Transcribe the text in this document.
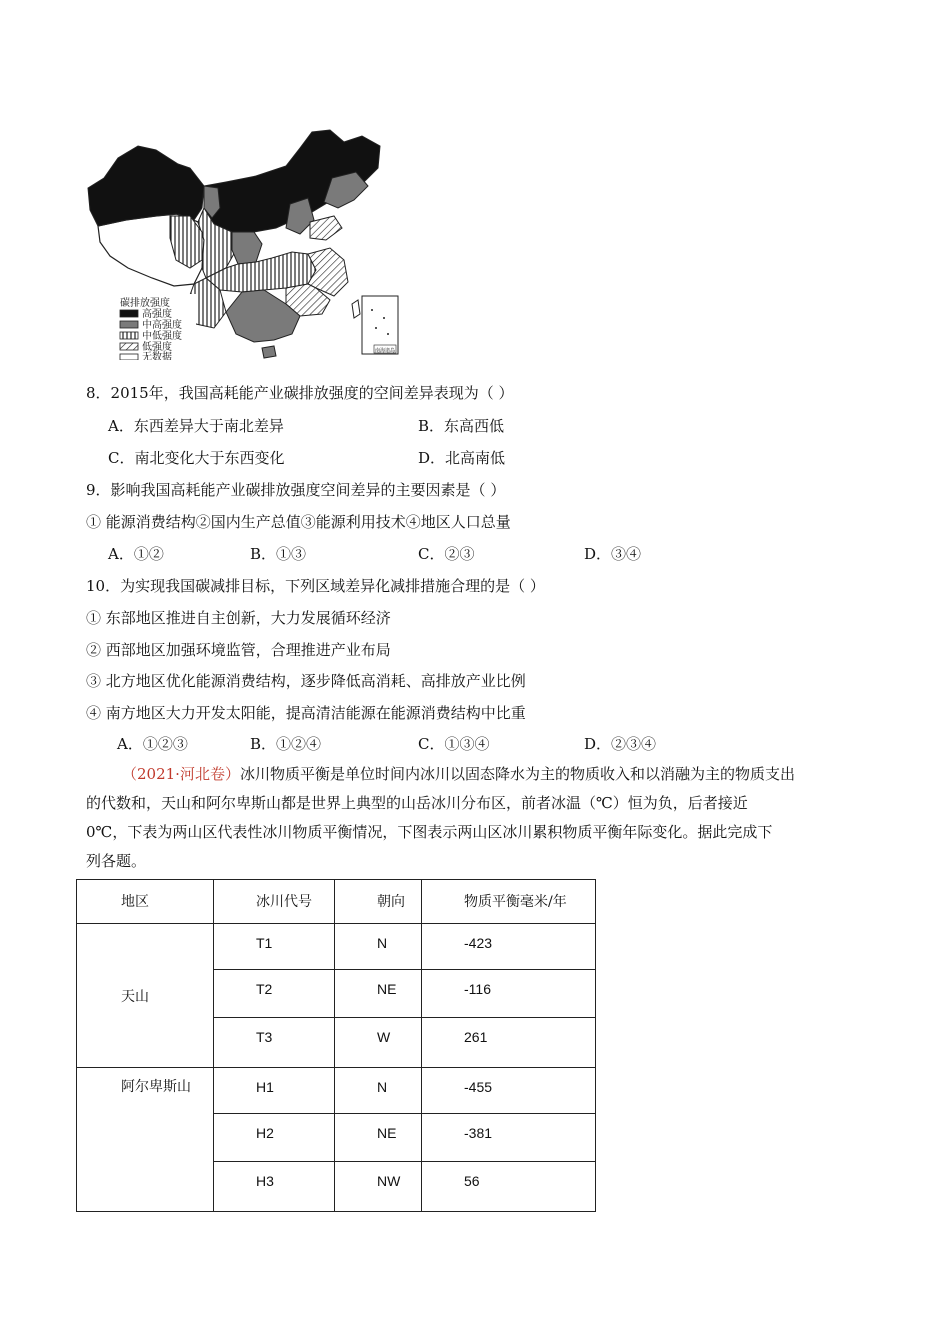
南海诸岛
碳排放强度
高强度
中高强度
中低强度
低强度
无数据
8．2015年，我国高耗能产业碳排放强度的空间差异表现为（ ）
A．东西差异大于南北差异	B．东高西低
C．南北变化大于东西变化	D．北高南低
9．影响我国高耗能产业碳排放强度空间差异的主要因素是（ ）
① 能源消费结构②国内生产总值③能源利用技术④地区人口总量
A．①②	B．①③	C．②③	D．③④
10．为实现我国碳减排目标，下列区域差异化减排措施合理的是（ ）
① 东部地区推进自主创新，大力发展循环经济
② 西部地区加强环境监管，合理推进产业布局
③ 北方地区优化能源消费结构，逐步降低高消耗、高排放产业比例
④ 南方地区大力开发太阳能，提高清洁能源在能源消费结构中比重
A．①②③	B．①②④	C．①③④	D．②③④
（2021·河北卷）冰川物质平衡是单位时间内冰川以固态降水为主的物质收入和以消融为主的物质支出
的代数和，天山和阿尔卑斯山都是世界上典型的山岳冰川分布区，前者冰温（℃）恒为负，后者接近
0℃，下表为两山区代表性冰川物质平衡情况，下图表示两山区冰川累积物质平衡年际变化。据此完成下
列各题。
地区	冰川代号	朝向	物质平衡毫米/年

天山	T1	N	-423

	T2	NE	-116

	T3	W	261

阿尔卑斯山	H1	N	-455

	H2	NE	-381

	H3	NW	56
